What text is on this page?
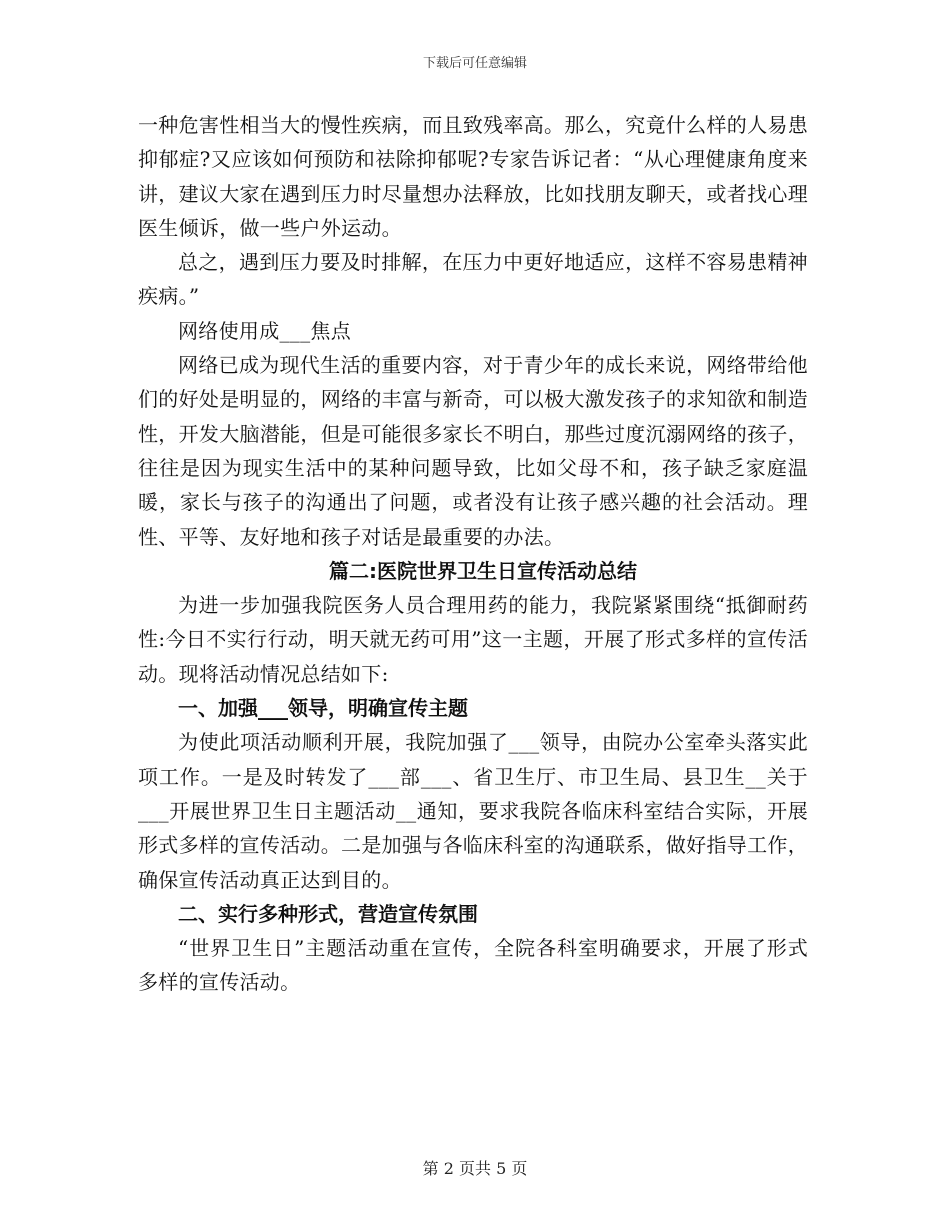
下载后可任意编辑

一种危害性相当大的慢性疾病，而且致残率高。那么，究竟什么样的人易患抑郁症?又应该如何预防和祛除抑郁呢?专家告诉记者：“从心理健康角度来讲，建议大家在遇到压力时尽量想办法释放，比如找朋友聊天，或者找心理医生倾诉，做一些户外运动。

总之，遇到压力要及时排解，在压力中更好地适应，这样不容易患精神疾病。”

网络使用成___焦点

网络已成为现代生活的重要内容，对于青少年的成长来说，网络带给他们的好处是明显的，网络的丰富与新奇，可以极大激发孩子的求知欲和制造性，开发大脑潜能，但是可能很多家长不明白，那些过度沉溺网络的孩子，往往是因为现实生活中的某种问题导致，比如父母不和，孩子缺乏家庭温暖，家长与孩子的沟通出了问题，或者没有让孩子感兴趣的社会活动。理性、平等、友好地和孩子对话是最重要的办法。

篇二:医院世界卫生日宣传活动总结

为进一步加强我院医务人员合理用药的能力，我院紧紧围绕“抵御耐药性:今日不实行行动，明天就无药可用”这一主题，开展了形式多样的宣传活动。现将活动情况总结如下:

一、加强___领导，明确宣传主题

为使此项活动顺利开展，我院加强了___领导，由院办公室牵头落实此项工作。一是及时转发了___部___、省卫生厅、市卫生局、县卫生__关于___开展世界卫生日主题活动__通知，要求我院各临床科室结合实际，开展形式多样的宣传活动。二是加强与各临床科室的沟通联系，做好指导工作，确保宣传活动真正达到目的。

二、实行多种形式，营造宣传氛围

“世界卫生日”主题活动重在宣传，全院各科室明确要求，开展了形式多样的宣传活动。

第 2 页共 5 页
